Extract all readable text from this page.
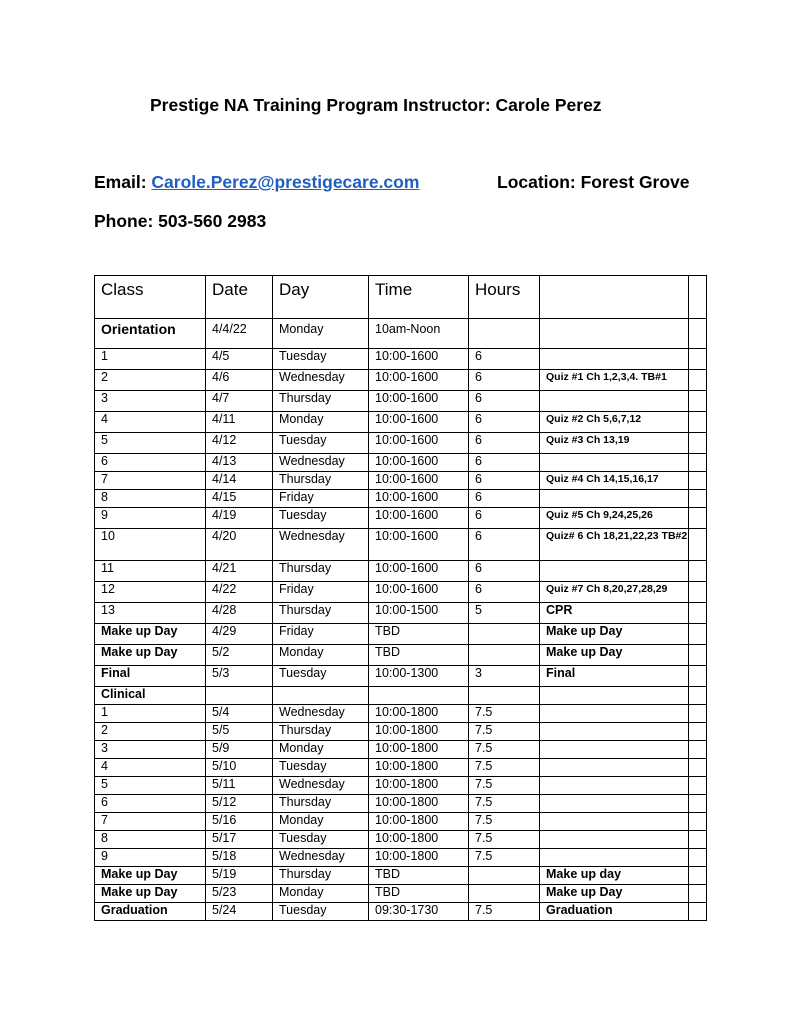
Prestige NA Training Program Instructor: Carole Perez
Email: Carole.Perez@prestigecare.com	Location: Forest Grove
Phone: 503-560 2983
Class	Date	Day	Time	Hours		
Orientation	4/4/22	Monday	10am-Noon			
1	4/5	Tuesday	10:00-1600	6		
2	4/6	Wednesday	10:00-1600	6	Quiz #1 Ch 1,2,3,4. TB#1	
3	4/7	Thursday	10:00-1600	6		
4	4/11	Monday	10:00-1600	6	Quiz #2 Ch 5,6,7,12	
5	4/12	Tuesday	10:00-1600	6	Quiz #3 Ch 13,19	
6	4/13	Wednesday	10:00-1600	6		
7	4/14	Thursday	10:00-1600	6	Quiz #4 Ch 14,15,16,17	
8	4/15	Friday	10:00-1600	6		
9	4/19	Tuesday	10:00-1600	6	Quiz #5 Ch 9,24,25,26	
10	4/20	Wednesday	10:00-1600	6	Quiz# 6 Ch 18,21,22,23 TB#2	
11	4/21	Thursday	10:00-1600	6		
12	4/22	Friday	10:00-1600	6	Quiz #7 Ch 8,20,27,28,29	
13	4/28	Thursday	10:00-1500	5	CPR	
Make up Day	4/29	Friday	TBD		Make up Day	
Make up Day	5/2	Monday	TBD		Make up Day	
Final	5/3	Tuesday	10:00-1300	3	Final	
Clinical						
1	5/4	Wednesday	10:00-1800	7.5		
2	5/5	Thursday	10:00-1800	7.5		
3	5/9	Monday	10:00-1800	7.5		
4	5/10	Tuesday	10:00-1800	7.5		
5	5/11	Wednesday	10:00-1800	7.5		
6	5/12	Thursday	10:00-1800	7.5		
7	5/16	Monday	10:00-1800	7.5		
8	5/17	Tuesday	10:00-1800	7.5		
9	5/18	Wednesday	10:00-1800	7.5		
Make up Day	5/19	Thursday	TBD		Make up day	
Make up Day	5/23	Monday	TBD		Make up Day	
Graduation	5/24	Tuesday	09:30-1730	7.5	Graduation	
